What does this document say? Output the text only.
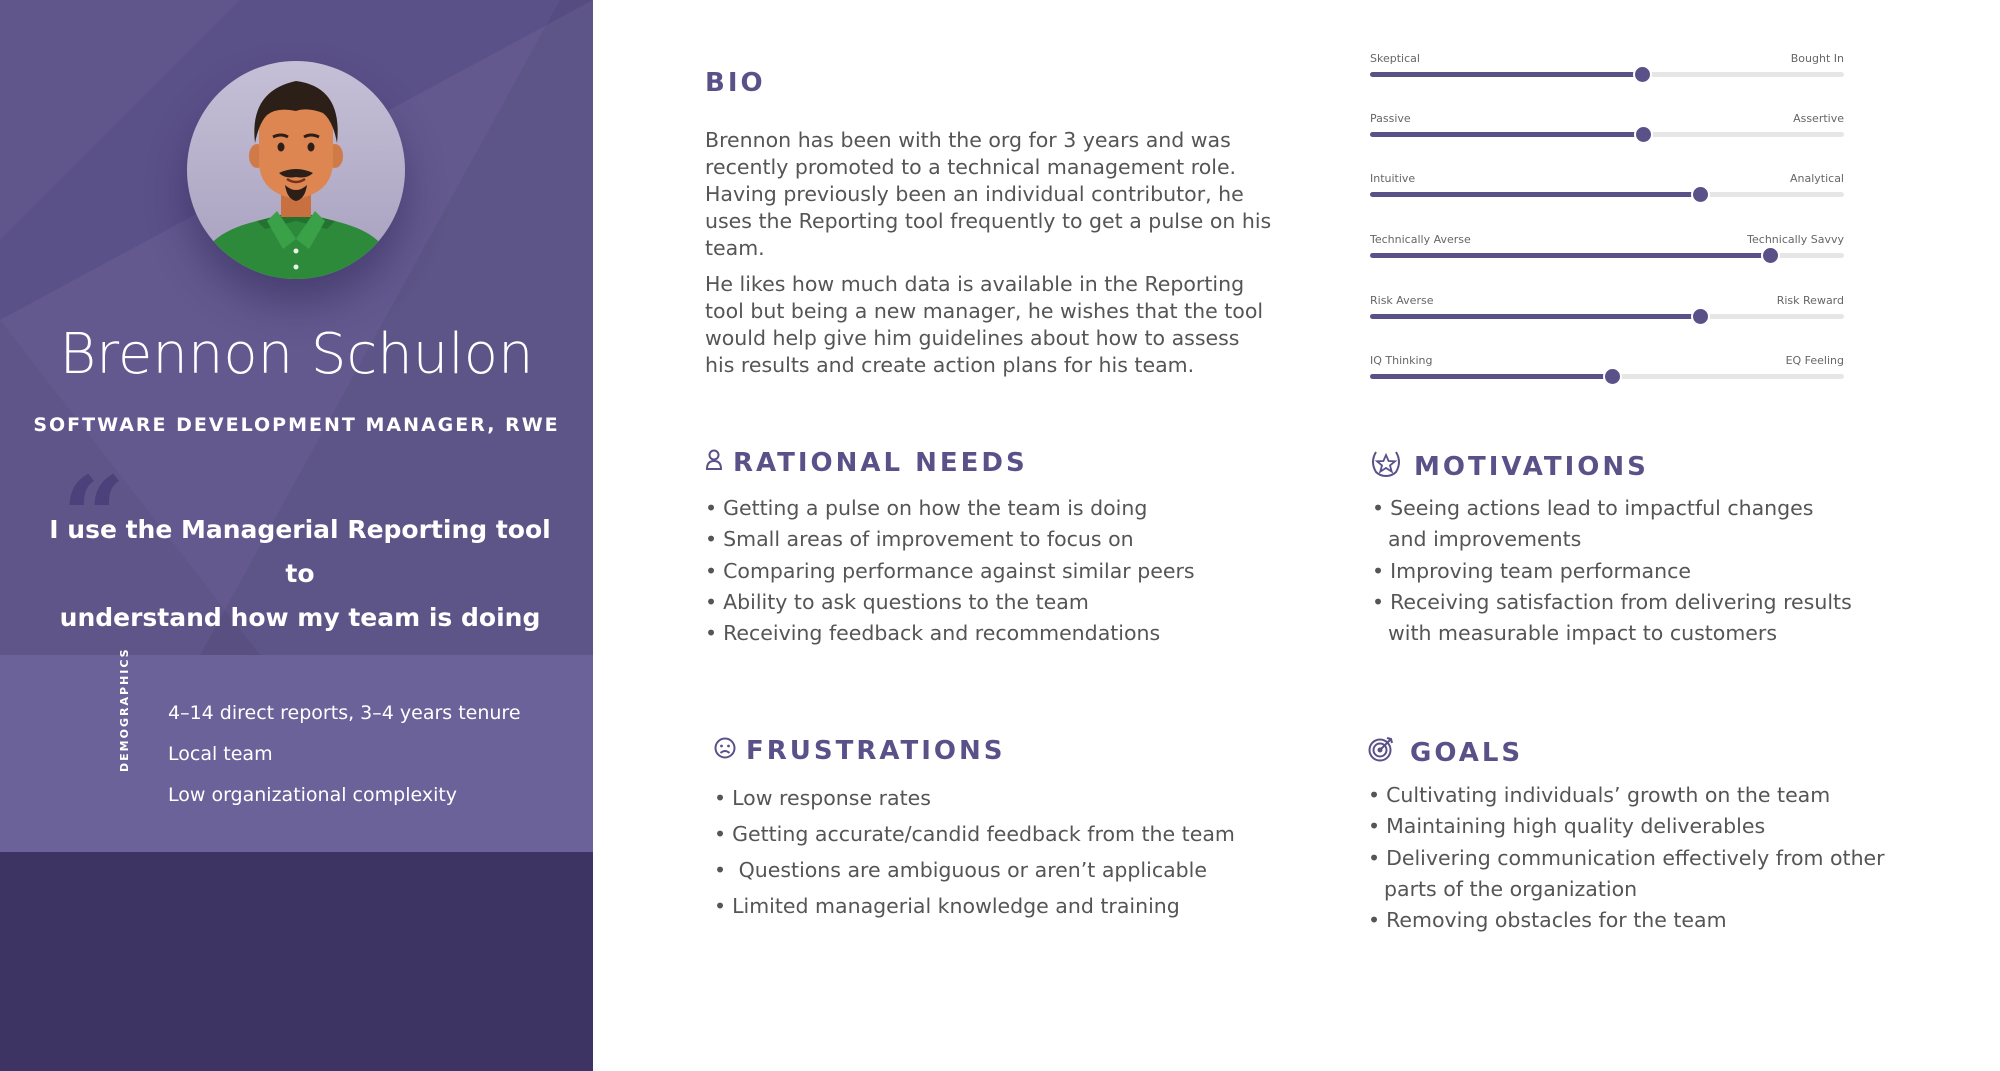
Brennon Schulon
SOFTWARE DEVELOPMENT MANAGER, RWE
“
I use the Managerial Reporting tool to
understand how my team is doing
DEMOGRAPHICS 4–14 direct reports, 3–4 years tenure
Local team
Low organizational complexity
BIO
Brennon has been with the org for 3 years and was recently promoted to a technical management role. Having previously been an individual contributor, he uses the Reporting tool frequently to get a pulse on his team.
He likes how much data is available in the Reporting tool but being a new manager, he wishes that the tool would help give him guidelines about how to assess his results and create action plans for his team.
Skeptical	Bought In
Passive	Assertive
Intuitive	Analytical
Technically Averse	Technically Savvy
Risk Averse	Risk Reward
IQ Thinking	EQ Feeling
RATIONAL NEEDS
• Getting a pulse on how the team is doing
• Small areas of improvement to focus on
• Comparing performance against similar peers
• Ability to ask questions to the team
• Receiving feedback and recommendations
MOTIVATIONS
• Seeing actions lead to impactful changes
and improvements
• Improving team performance
• Receiving satisfaction from delivering results
with measurable impact to customers
FRUSTRATIONS
• Low response rates
• Getting accurate/candid feedback from the team
• Questions are ambiguous or aren’t applicable
• Limited managerial knowledge and training
GOALS
• Cultivating individuals’ growth on the team
• Maintaining high quality deliverables
• Delivering communication effectively from other
parts of the organization
• Removing obstacles for the team
